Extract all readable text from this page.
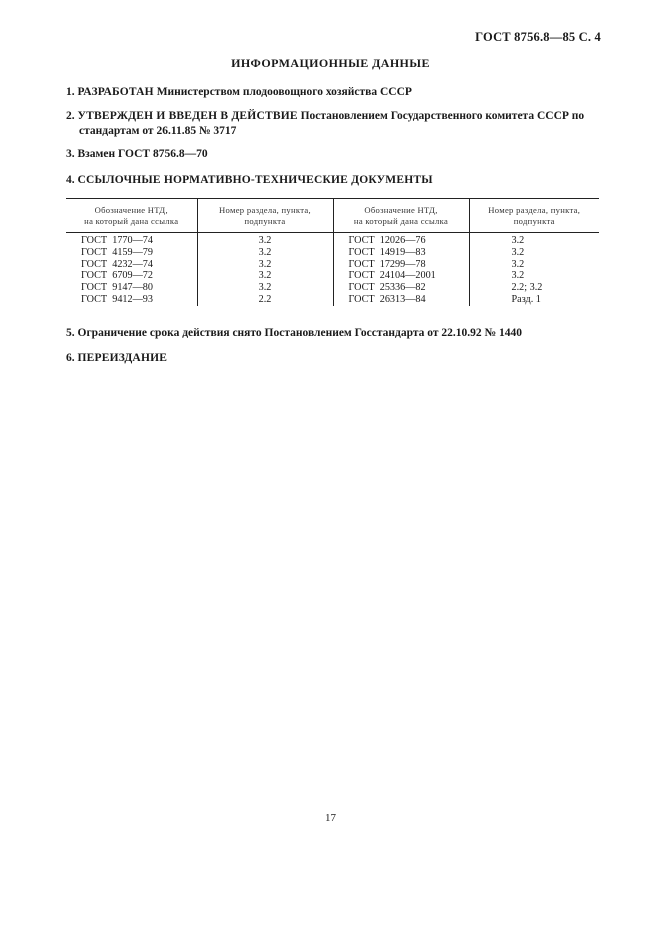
ГОСТ 8756.8—85 С. 4
ИНФОРМАЦИОННЫЕ ДАННЫЕ
1. РАЗРАБОТАН Министерством плодоовощного хозяйства СССР
2. УТВЕРЖДЕН И ВВЕДЕН В ДЕЙСТВИЕ Постановлением Государственного комитета СССР по стандартам от 26.11.85 № 3717
3. Взамен ГОСТ 8756.8—70
4. ССЫЛОЧНЫЕ НОРМАТИВНО-ТЕХНИЧЕСКИЕ ДОКУМЕНТЫ
Обозначение НТД,
на который дана ссылка	Номер раздела, пункта,
подпункта	Обозначение НТД,
на который дана ссылка	Номер раздела, пункта,
подпункта
ГОСТ  1770—74	3.2	ГОСТ  12026—76	3.2
ГОСТ  4159—79	3.2	ГОСТ  14919—83	3.2
ГОСТ  4232—74	3.2	ГОСТ  17299—78	3.2
ГОСТ  6709—72	3.2	ГОСТ  24104—2001	3.2
ГОСТ  9147—80	3.2	ГОСТ  25336—82	2.2; 3.2
ГОСТ  9412—93	2.2	ГОСТ  26313—84	Разд. 1
5. Ограничение срока действия снято Постановлением Госстандарта от 22.10.92 № 1440
6. ПЕРЕИЗДАНИЕ
17
